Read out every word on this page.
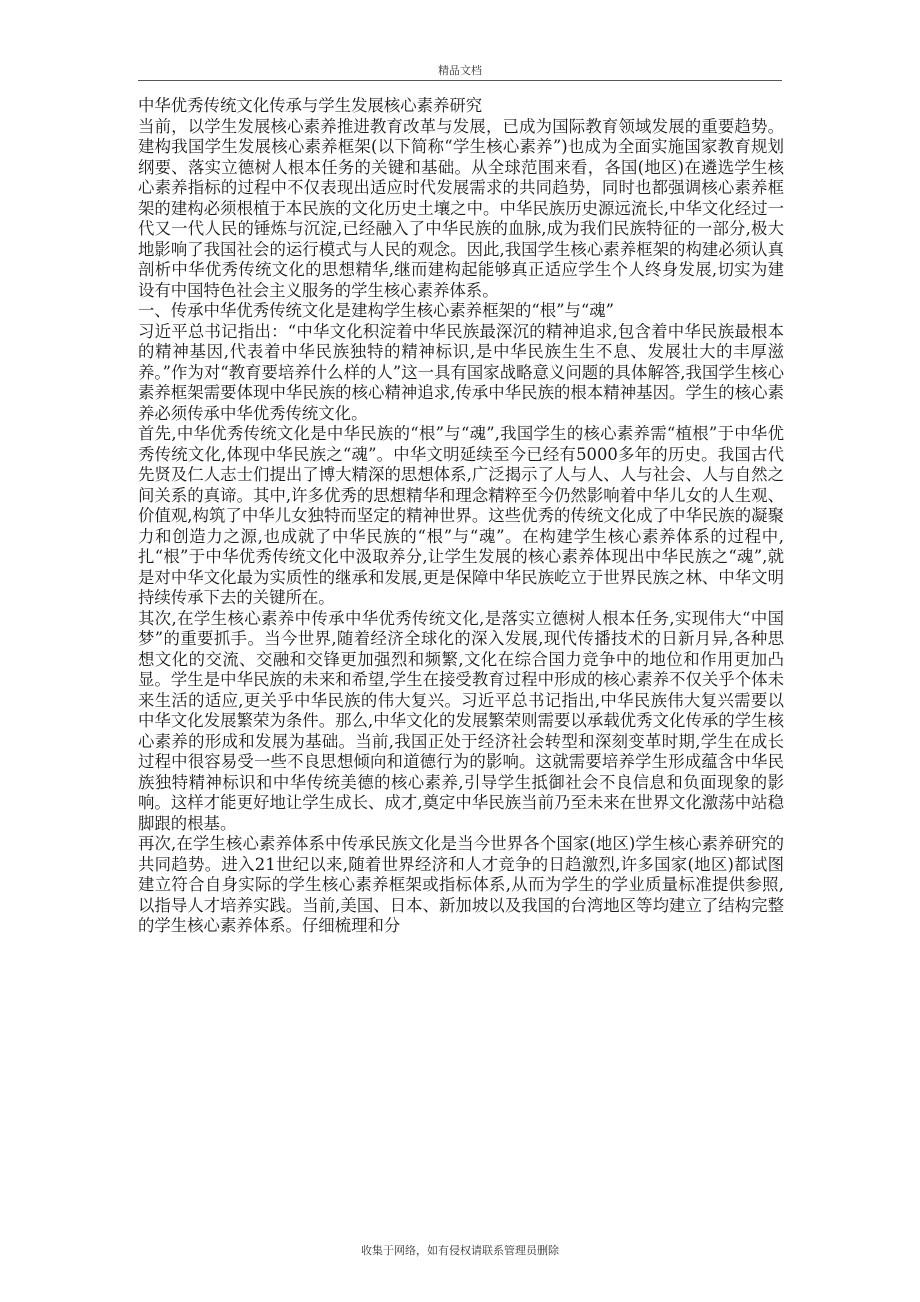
精品文档

中华优秀传统文化传承与学生发展核心素养研究

当前，以学生发展核心素养推进教育改革与发展，已成为国际教育领域发展的重要趋势。建构我国学生发展核心素养框架(以下简称“学生核心素养”)也成为全面实施国家教育规划纲要、落实立德树人根本任务的关键和基础。从全球范围来看，各国(地区)在遴选学生核心素养指标的过程中不仅表现出适应时代发展需求的共同趋势，同时也都强调核心素养框架的建构必须根植于本民族的文化历史土壤之中。中华民族历史源远流长,中华文化经过一代又一代人民的锤炼与沉淀,已经融入了中华民族的血脉,成为我们民族特征的一部分,极大地影响了我国社会的运行模式与人民的观念。因此,我国学生核心素养框架的构建必须认真剖析中华优秀传统文化的思想精华,继而建构起能够真正适应学生个人终身发展,切实为建设有中国特色社会主义服务的学生核心素养体系。

一、传承中华优秀传统文化是建构学生核心素养框架的“根”与“魂”

习近平总书记指出：“中华文化积淀着中华民族最深沉的精神追求,包含着中华民族最根本的精神基因,代表着中华民族独特的精神标识,是中华民族生生不息、发展壮大的丰厚滋养。”作为对“教育要培养什么样的人”这一具有国家战略意义问题的具体解答,我国学生核心素养框架需要体现中华民族的核心精神追求,传承中华民族的根本精神基因。学生的核心素养必须传承中华优秀传统文化。

首先,中华优秀传统文化是中华民族的“根”与“魂”,我国学生的核心素养需“植根”于中华优秀传统文化,体现中华民族之“魂”。中华文明延续至今已经有5000多年的历史。我国古代先贤及仁人志士们提出了博大精深的思想体系,广泛揭示了人与人、人与社会、人与自然之间关系的真谛。其中,许多优秀的思想精华和理念精粹至今仍然影响着中华儿女的人生观、价值观,构筑了中华儿女独特而坚定的精神世界。这些优秀的传统文化成了中华民族的凝聚力和创造力之源,也成就了中华民族的“根”与“魂”。在构建学生核心素养体系的过程中,扎“根”于中华优秀传统文化中汲取养分,让学生发展的核心素养体现出中华民族之“魂”,就是对中华文化最为实质性的继承和发展,更是保障中华民族屹立于世界民族之林、中华文明持续传承下去的关键所在。

其次,在学生核心素养中传承中华优秀传统文化,是落实立德树人根本任务,实现伟大“中国梦”的重要抓手。当今世界,随着经济全球化的深入发展,现代传播技术的日新月异,各种思想文化的交流、交融和交锋更加强烈和频繁,文化在综合国力竞争中的地位和作用更加凸显。学生是中华民族的未来和希望,学生在接受教育过程中形成的核心素养不仅关乎个体未来生活的适应,更关乎中华民族的伟大复兴。习近平总书记指出,中华民族伟大复兴需要以中华文化发展繁荣为条件。那么,中华文化的发展繁荣则需要以承载优秀文化传承的学生核心素养的形成和发展为基础。当前,我国正处于经济社会转型和深刻变革时期,学生在成长过程中很容易受一些不良思想倾向和道德行为的影响。这就需要培养学生形成蕴含中华民族独特精神标识和中华传统美德的核心素养,引导学生抵御社会不良信息和负面现象的影响。这样才能更好地让学生成长、成才,奠定中华民族当前乃至未来在世界文化激荡中站稳脚跟的根基。

再次,在学生核心素养体系中传承民族文化是当今世界各个国家(地区)学生核心素养研究的共同趋势。进入21世纪以来,随着世界经济和人才竞争的日趋激烈,许多国家(地区)都试图建立符合自身实际的学生核心素养框架或指标体系,从而为学生的学业质量标准提供参照,以指导人才培养实践。当前,美国、日本、新加坡以及我国的台湾地区等均建立了结构完整的学生核心素养体系。仔细梳理和分

收集于网络，如有侵权请联系管理员删除
